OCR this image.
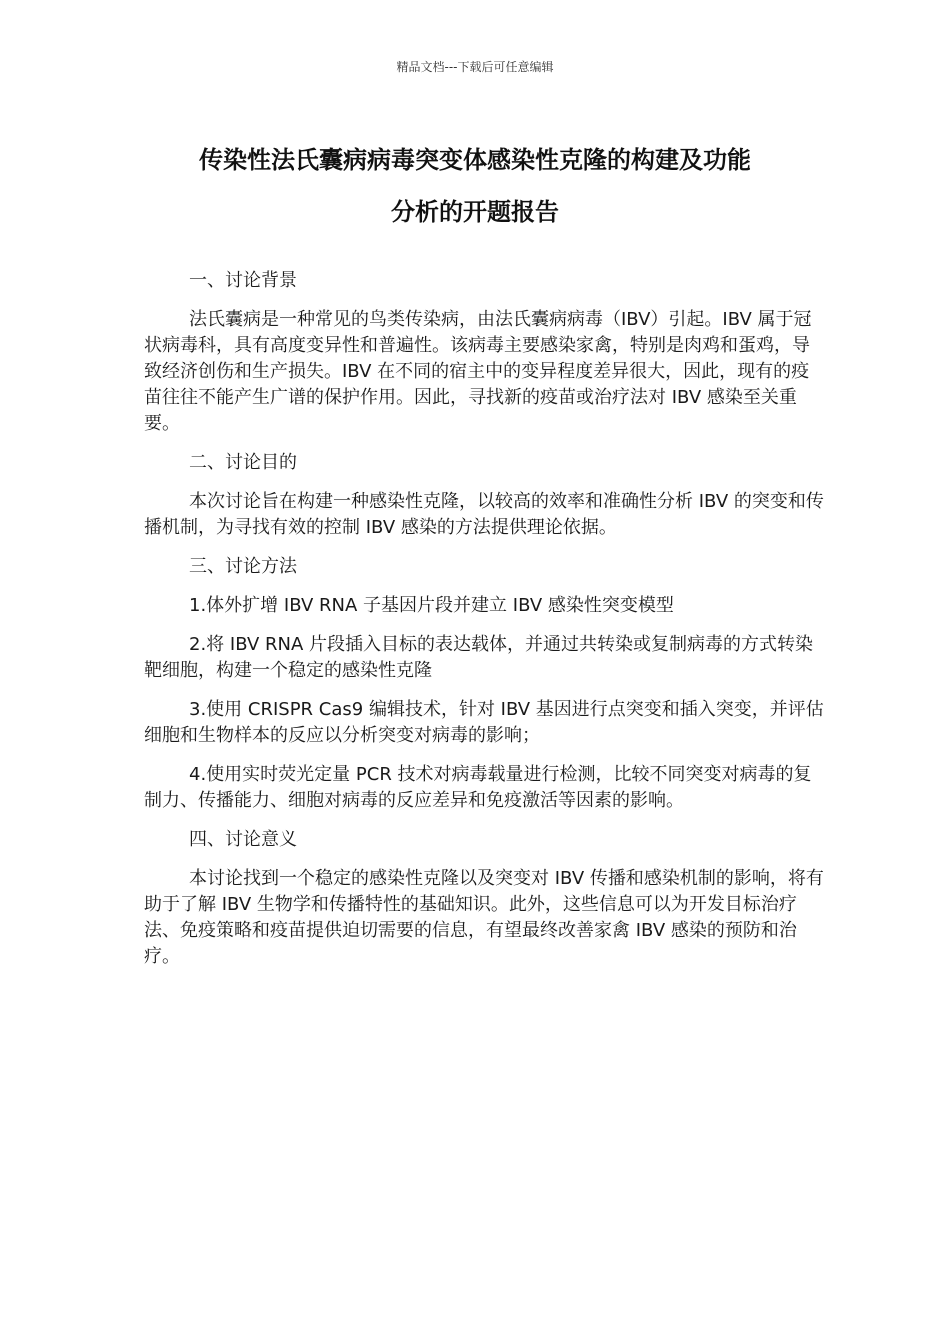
精品文档---下载后可任意编辑
传染性法氏囊病病毒突变体感染性克隆的构建及功能
分析的开题报告

一、讨论背景

法氏囊病是一种常见的鸟类传染病，由法氏囊病病毒（IBV）引起。IBV 属于冠状病毒科，具有高度变异性和普遍性。该病毒主要感染家禽，特别是肉鸡和蛋鸡，导致经济创伤和生产损失。IBV 在不同的宿主中的变异程度差异很大，因此，现有的疫苗往往不能产生广谱的保护作用。因此，寻找新的疫苗或治疗法对 IBV 感染至关重要。

二、讨论目的

本次讨论旨在构建一种感染性克隆，以较高的效率和准确性分析 IBV 的突变和传播机制，为寻找有效的控制 IBV 感染的方法提供理论依据。

三、讨论方法

1.体外扩增 IBV RNA 子基因片段并建立 IBV 感染性突变模型

2.将 IBV RNA 片段插入目标的表达载体，并通过共转染或复制病毒的方式转染靶细胞，构建一个稳定的感染性克隆

3.使用 CRISPR Cas9 编辑技术，针对 IBV 基因进行点突变和插入突变，并评估细胞和生物样本的反应以分析突变对病毒的影响；

4.使用实时荧光定量 PCR 技术对病毒载量进行检测，比较不同突变对病毒的复制力、传播能力、细胞对病毒的反应差异和免疫激活等因素的影响。

四、讨论意义

本讨论找到一个稳定的感染性克隆以及突变对 IBV 传播和感染机制的影响，将有助于了解 IBV 生物学和传播特性的基础知识。此外，这些信息可以为开发目标治疗法、免疫策略和疫苗提供迫切需要的信息，有望最终改善家禽 IBV 感染的预防和治疗。
